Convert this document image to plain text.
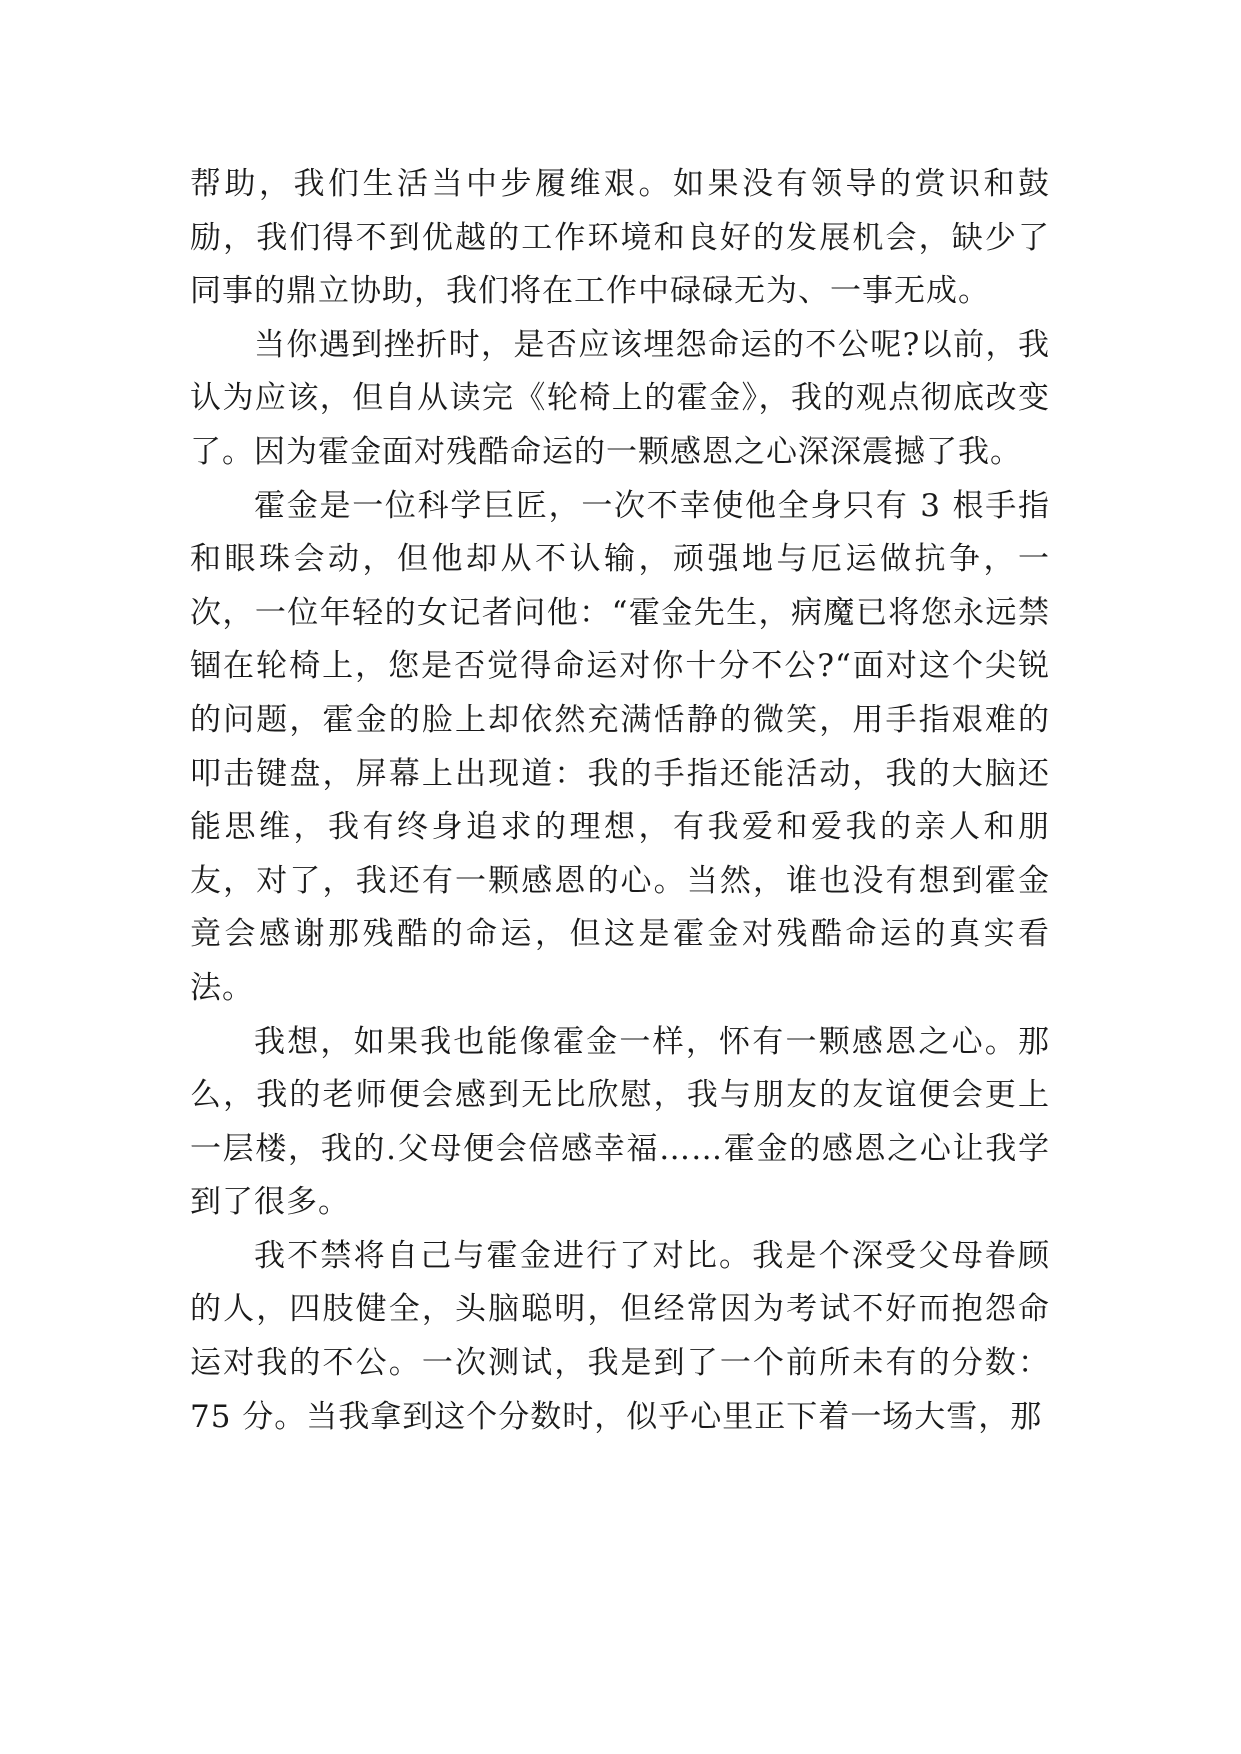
帮助，我们生活当中步履维艰。如果没有领导的赏识和鼓励，我们得不到优越的工作环境和良好的发展机会，缺少了同事的鼎立协助，我们将在工作中碌碌无为、一事无成。

当你遇到挫折时，是否应该埋怨命运的不公呢?以前，我认为应该，但自从读完《轮椅上的霍金》，我的观点彻底改变了。因为霍金面对残酷命运的一颗感恩之心深深震撼了我。

霍金是一位科学巨匠，一次不幸使他全身只有 3 根手指和眼珠会动，但他却从不认输，顽强地与厄运做抗争，一次，一位年轻的女记者问他：“霍金先生，病魔已将您永远禁锢在轮椅上，您是否觉得命运对你十分不公?“面对这个尖锐的问题，霍金的脸上却依然充满恬静的微笑，用手指艰难的叩击键盘，屏幕上出现道：我的手指还能活动，我的大脑还能思维，我有终身追求的理想，有我爱和爱我的亲人和朋友，对了，我还有一颗感恩的心。当然，谁也没有想到霍金竟会感谢那残酷的命运，但这是霍金对残酷命运的真实看法。

我想，如果我也能像霍金一样，怀有一颗感恩之心。那么，我的老师便会感到无比欣慰，我与朋友的友谊便会更上一层楼，我的.父母便会倍感幸福……霍金的感恩之心让我学到了很多。

我不禁将自己与霍金进行了对比。我是个深受父母眷顾的人，四肢健全，头脑聪明，但经常因为考试不好而抱怨命运对我的不公。一次测试，我是到了一个前所未有的分数：75 分。当我拿到这个分数时，似乎心里正下着一场大雪，那
